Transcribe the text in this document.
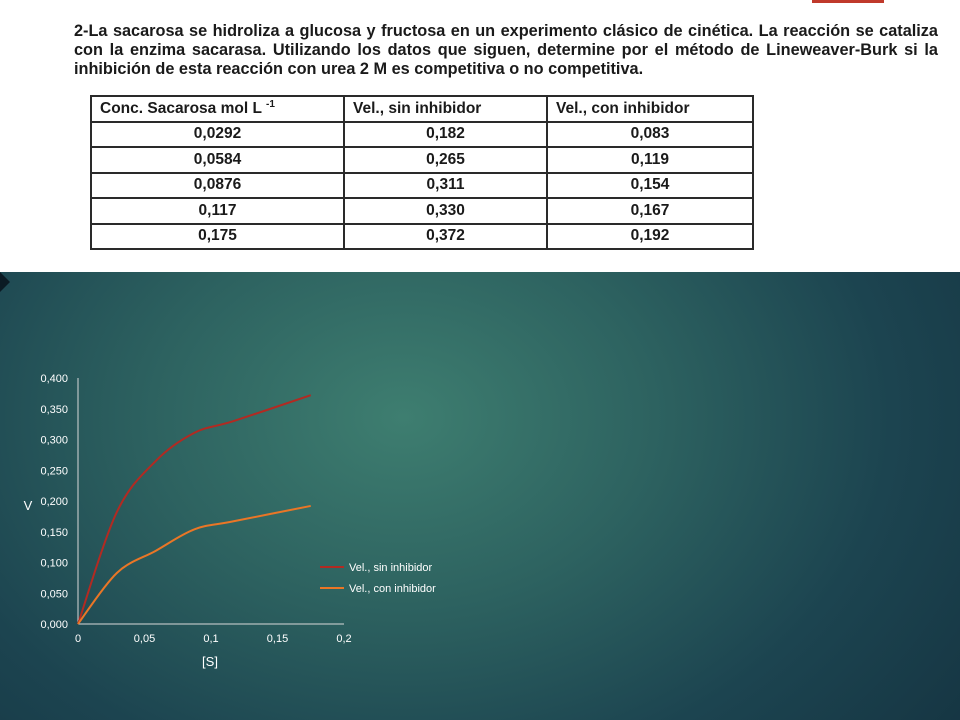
2-La sacarosa se hidroliza a glucosa y fructosa en un experimento clásico de cinética. La reacción se cataliza con la enzima sacarasa. Utilizando los datos que siguen, determine por el método de Lineweaver-Burk si la inhibición de esta reacción con urea 2 M es competitiva o no competitiva.

Conc. Sacarosa mol L $^{-1}$	Vel., sin inhibidor	Vel., con inhibidor
0,0292	0,182	0,083
0,0584	0,265	0,119
0,0876	0,311	0,154
0,117	0,330	0,167
0,175	0,372	0,192
0,000
0,050
0,100
0,150
0,200
0,250
0,300
0,350
0,400
0	0,05	0,1	0,15	0,2
Vel., sin inhibidor
Vel., con inhibidor
V
[S]
